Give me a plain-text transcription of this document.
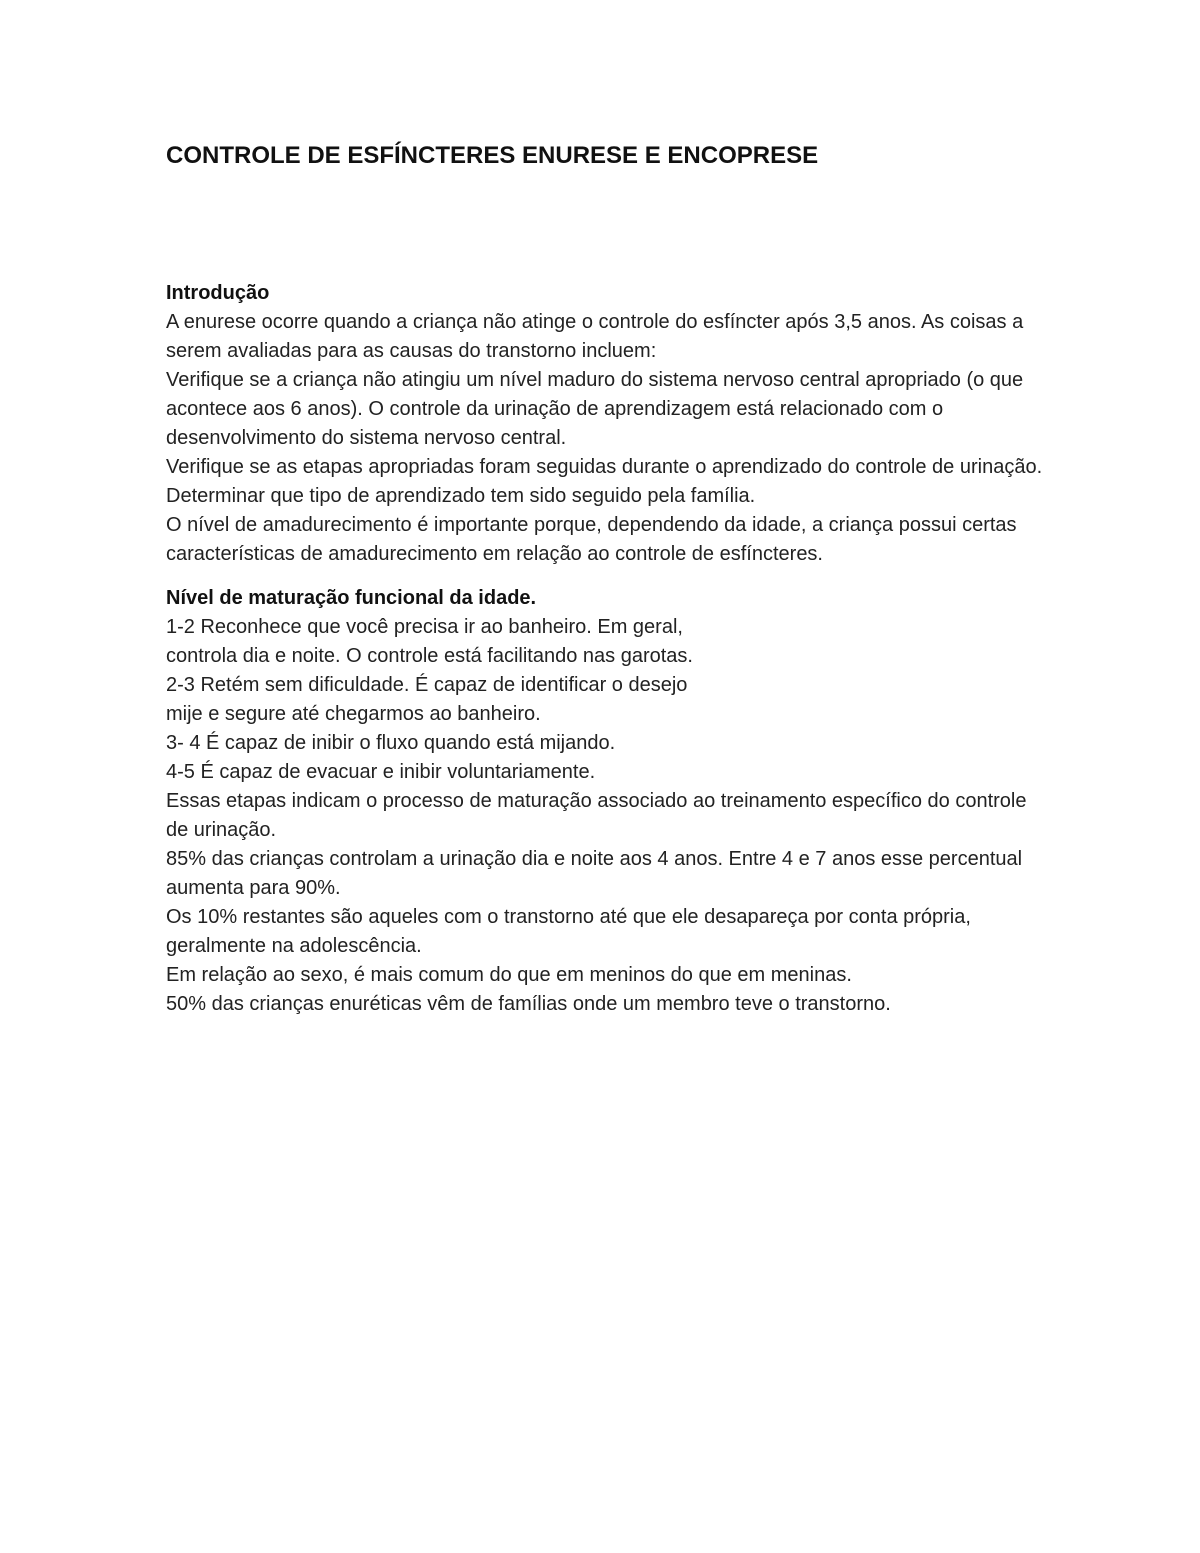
CONTROLE DE ESFÍNCTERES ENURESE E ENCOPRESE
Introdução

A enurese ocorre quando a criança não atinge o controle do esfíncter após 3,5 anos. As coisas a serem avaliadas para as causas do transtorno incluem:

Verifique se a criança não atingiu um nível maduro do sistema nervoso central apropriado (o que acontece aos 6 anos). O controle da urinação de aprendizagem está relacionado com o desenvolvimento do sistema nervoso central.

Verifique se as etapas apropriadas foram seguidas durante o aprendizado do controle de urinação.

Determinar que tipo de aprendizado tem sido seguido pela família.

O nível de amadurecimento é importante porque, dependendo da idade, a criança possui certas características de amadurecimento em relação ao controle de esfíncteres.

Nível de maturação funcional da idade.

1-2 Reconhece que você precisa ir ao banheiro. Em geral,

controla dia e noite. O controle está facilitando nas garotas.

2-3 Retém sem dificuldade. É capaz de identificar o desejo

mije e segure até chegarmos ao banheiro.

3- 4 É capaz de inibir o fluxo quando está mijando.

4-5 É capaz de evacuar e inibir voluntariamente.

Essas etapas indicam o processo de maturação associado ao treinamento específico do controle de urinação.

85% das crianças controlam a urinação dia e noite aos 4 anos. Entre 4 e 7 anos esse percentual aumenta para 90%.

Os 10% restantes são aqueles com o transtorno até que ele desapareça por conta própria, geralmente na adolescência.

Em relação ao sexo, é mais comum do que em meninos do que em meninas.

50% das crianças enuréticas vêm de famílias onde um membro teve o transtorno.
